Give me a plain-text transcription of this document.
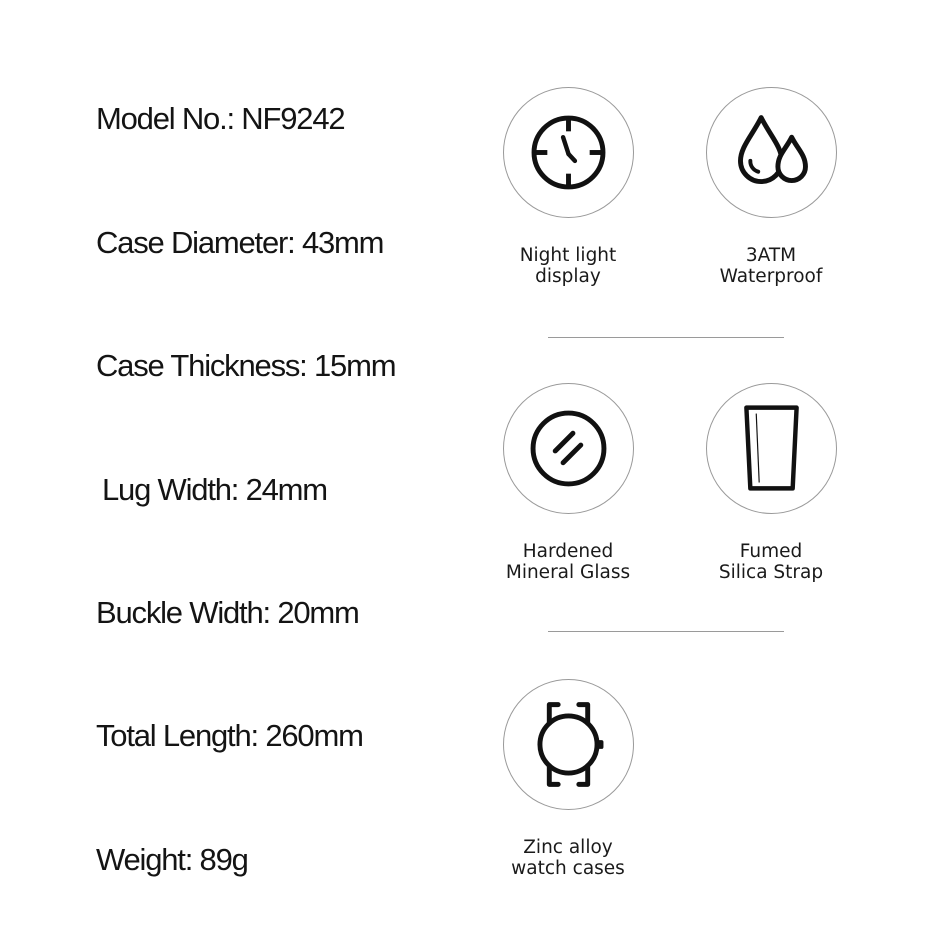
Model No.: NF9242
Case Diameter: 43mm
Case Thickness: 15mm
Lug Width: 24mm
Buckle Width: 20mm
Total Length: 260mm
Weight: 89g
Night light
display
3ATM
Waterproof
Hardened
Mineral Glass
Fumed
Silica Strap
Zinc alloy
watch cases
